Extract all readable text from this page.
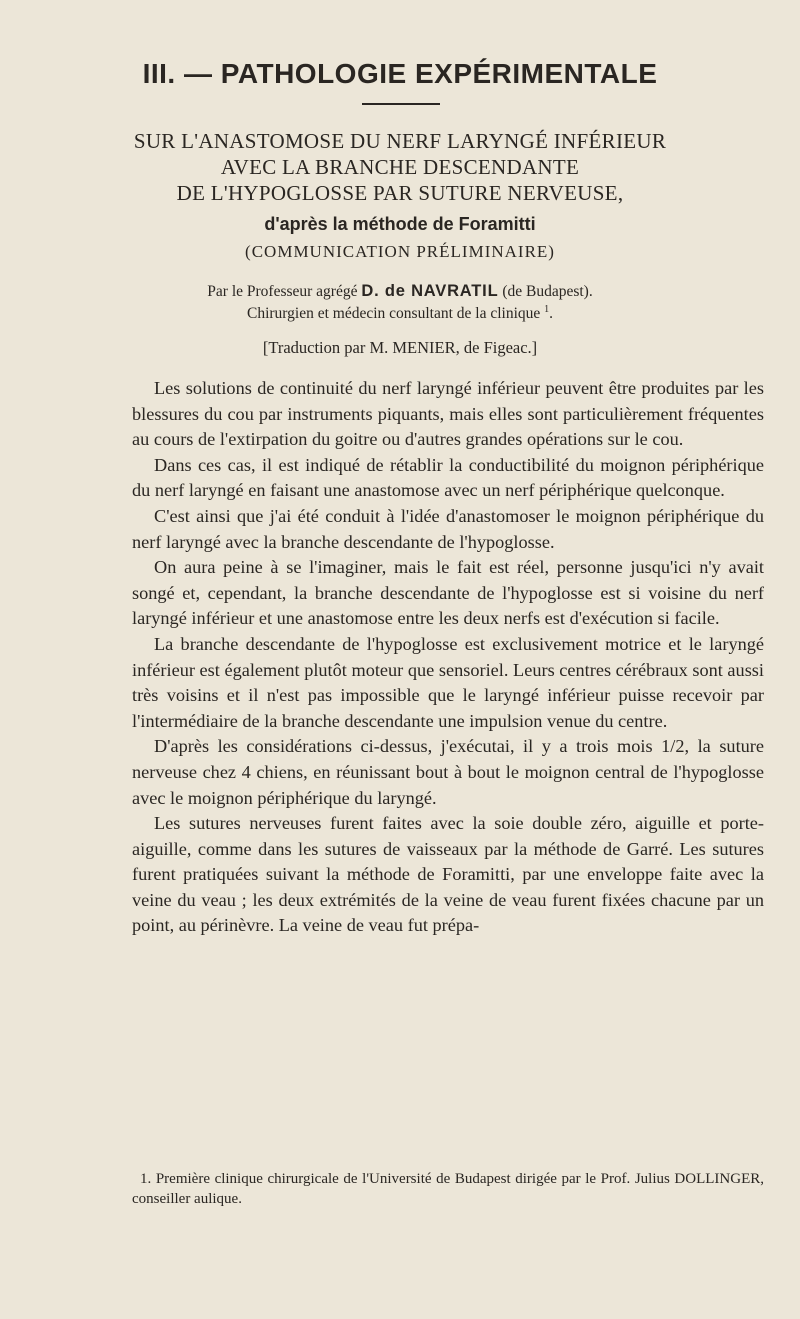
III. — PATHOLOGIE EXPÉRIMENTALE
SUR L'ANASTOMOSE DU NERF LARYNGÉ INFÉRIEUR
AVEC LA BRANCHE DESCENDANTE
DE L'HYPOGLOSSE PAR SUTURE NERVEUSE,
d'après la méthode de Foramitti
(COMMUNICATION PRÉLIMINAIRE)
Par le Professeur agrégé D. de NAVRATIL (de Budapest).
Chirurgien et médecin consultant de la clinique $^1$.
[Traduction par M. MENIER, de Figeac.]

Les solutions de continuité du nerf laryngé inférieur peuvent être produites par les blessures du cou par instruments piquants, mais elles sont particulièrement fréquentes au cours de l'extirpation du goitre ou d'autres grandes opérations sur le cou.

Dans ces cas, il est indiqué de rétablir la conductibilité du moignon périphérique du nerf laryngé en faisant une anastomose avec un nerf périphérique quelconque.

C'est ainsi que j'ai été conduit à l'idée d'anastomoser le moignon périphérique du nerf laryngé avec la branche descendante de l'hypoglosse.

On aura peine à se l'imaginer, mais le fait est réel, personne jusqu'ici n'y avait songé et, cependant, la branche descendante de l'hypoglosse est si voisine du nerf laryngé inférieur et une anastomose entre les deux nerfs est d'exécution si facile.

La branche descendante de l'hypoglosse est exclusivement motrice et le laryngé inférieur est également plutôt moteur que sensoriel. Leurs centres cérébraux sont aussi très voisins et il n'est pas impossible que le laryngé inférieur puisse recevoir par l'intermédiaire de la branche descendante une impulsion venue du centre.

D'après les considérations ci-dessus, j'exécutai, il y a trois mois 1/2, la suture nerveuse chez 4 chiens, en réunissant bout à bout le moignon central de l'hypoglosse avec le moignon périphérique du laryngé.

Les sutures nerveuses furent faites avec la soie double zéro, aiguille et porte-aiguille, comme dans les sutures de vaisseaux par la méthode de Garré. Les sutures furent pratiquées suivant la méthode de Foramitti, par une enveloppe faite avec la veine du veau ; les deux extrémités de la veine de veau furent fixées chacune par un point, au périnèvre. La veine de veau fut prépa-

1. Première clinique chirurgicale de l'Université de Budapest dirigée par le Prof. Julius DOLLINGER, conseiller aulique.
